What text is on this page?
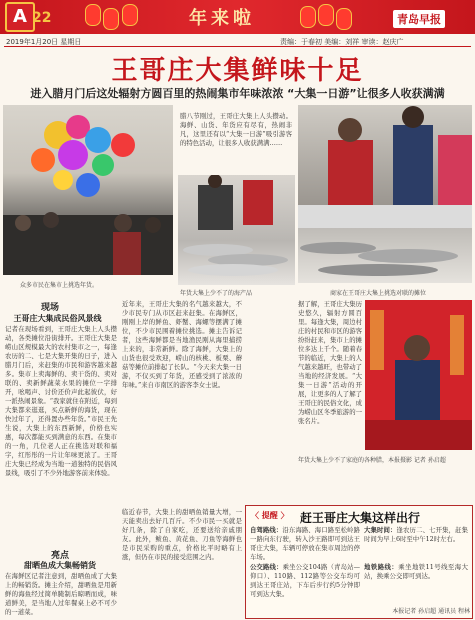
A 22	年来啦	青岛早报
2019年1月20日 星期日	责编：于春初 美编：刘祥 审读：赵庆广
王哥庄大集鲜味十足
进入腊月门后这处辐射方圆百里的热闹集市年味浓浓 “大集一日游”让很多人收获满满
众多市民在集市上挑选年货。
腊八节刚过，王哥庄大集上人头攒动。海鲜、山货、年货应有尽有，热闹非凡，这里还有以“大集一日游”吸引游客的特色活动，让很多人收获满满……
年货大集上少不了的海产品	商家在王哥庄大集上挑选对联的摊位
现场
王哥庄大集成民俗风景线
记者在现场看到，王哥庄大集上人头攒动，各类摊位沿街排开。王哥庄大集是崂山区规模最大的农村集市之一，每逢农历的二、七是大集开集的日子，进入腊月门后，来赶集的市民和游客越来越多。集市上卖海鲜的、卖干货的、卖对联的、卖新鲜蔬菜水果的摊位一字排开，吆喝声、讨价还价声此起彼伏，好一派热闹景象。“我家就住在附近，每到大集都来逛逛，买点新鲜的海货，现在快过年了，还得置办些年货。”市民王先生说，大集上的东西新鲜，价格也实惠，每次都能买到满意的东西。在集市的一角，几位老人正在挑选对联和福字，红彤彤的一片让年味更浓了。王哥庄大集已经成为当地一道独特的民俗风景线，吸引了不少外地游客前来体验。
近年来，王哥庄大集的名气越来越大，不少市民专门从市区赶来赶集。在海鲜区，刚刚上岸的鲜鱼、虾蟹、海螺等摆满了摊位，不少市民围着摊位挑选。摊主告诉记者，这些海鲜都是当地渔民刚从海里捕捞上来的，非常新鲜。除了海鲜，大集上的山货也很受欢迎，崂山的核桃、板栗、蘑菇等摊位前排起了长队。“今天来大集一日游，不仅买到了年货，还感受到了浓浓的年味。”来自市南区的游客李女士说。
亮点
甜晒鱼成大集畅销货
在海鲜区记者注意到，甜晒鱼成了大集上的畅销货。摊主介绍，甜晒鱼是用新鲜的海鱼经过简单腌制后晾晒而成，味道鲜美，是当地人过年餐桌上必不可少的一道菜。
临近春节，大集上的甜晒鱼销量大增，一天能卖出去好几百斤。不少市民一买就是好几条，除了自家吃，还要送给亲戚朋友。此外，鲅鱼、黄花鱼、刀鱼等海鲜也是市民采购的重点，价格比平时略有上涨，但仍在市民的接受范围之内。
据了解，王哥庄大集历史悠久，辐射方圆百里。每逢大集，周边村庄的村民和市区的游客纷纷赶来，集市上的摊位多达上千个。随着春节的临近，大集上的人气越来越旺，也带动了当地的经济发展。“大集一日游”活动的开展，让更多的人了解了王哥庄的民俗文化，成为崂山区冬季旅游的一张名片。
年货大集上少不了家庭的各种腊，本报摄影 记者 孙启超
〈 提醒 〉 赶王哥庄大集这样出行
自驾路线：沿东海路、海口路至松岭路一路向东行驶，转入沙王路即可到达王哥庄大集，车辆可停放在集市周边的停车场。
公交路线：乘坐公交104路（青岛站—仰口）、110路、112路等公交车均可到达王哥庄站，下车后步行约5分钟即可到达大集。
大集时间：逢农历二、七开集，赶集时间为早上6时至中午12时左右。
地铁路线：乘坐地铁11号线至海大站，换乘公交即可到达。
本报记者 孙启超 通讯员 程林
